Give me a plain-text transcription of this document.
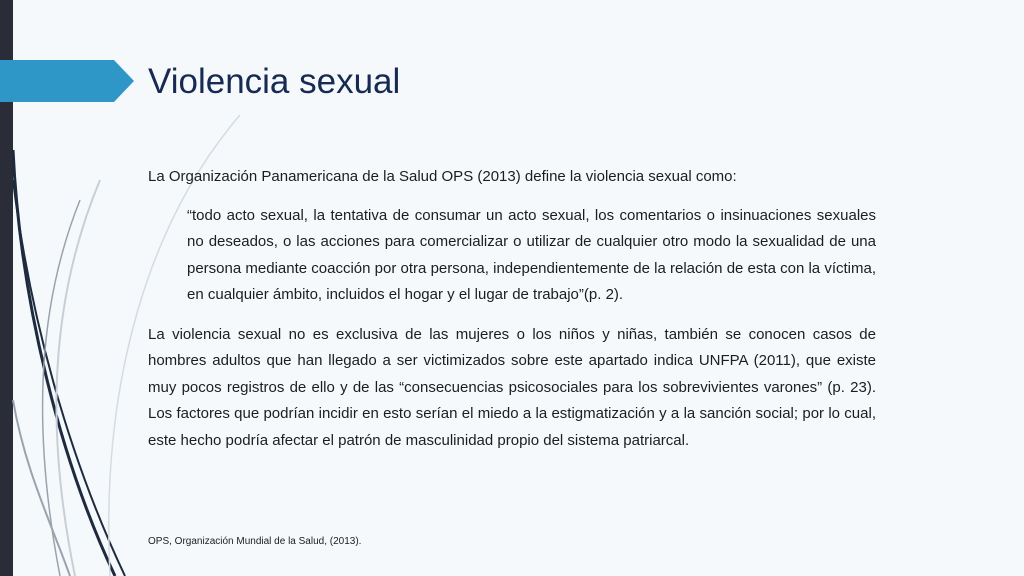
Violencia sexual

La Organización Panamericana de la Salud OPS (2013) define la violencia sexual como:

“todo acto sexual, la tentativa de consumar un acto sexual, los comentarios o insinuaciones sexuales no deseados, o las acciones para comercializar o utilizar de cualquier otro modo la sexualidad de una persona mediante coacción por otra persona, independientemente de la relación de esta con la víctima, en cualquier ámbito, incluidos el hogar y el lugar de trabajo”(p. 2).

La violencia sexual no es exclusiva de las mujeres o los niños y niñas, también se conocen casos de hombres adultos que han llegado a ser victimizados sobre este apartado indica UNFPA (2011), que existe muy pocos registros de ello y de las “consecuencias psicosociales para los sobrevivientes varones” (p. 23). Los factores que podrían incidir en esto serían el miedo a la estigmatización y a la sanción social; por lo cual, este hecho podría afectar el patrón de masculinidad propio del sistema patriarcal.

OPS, Organización Mundial de la Salud, (2013).
